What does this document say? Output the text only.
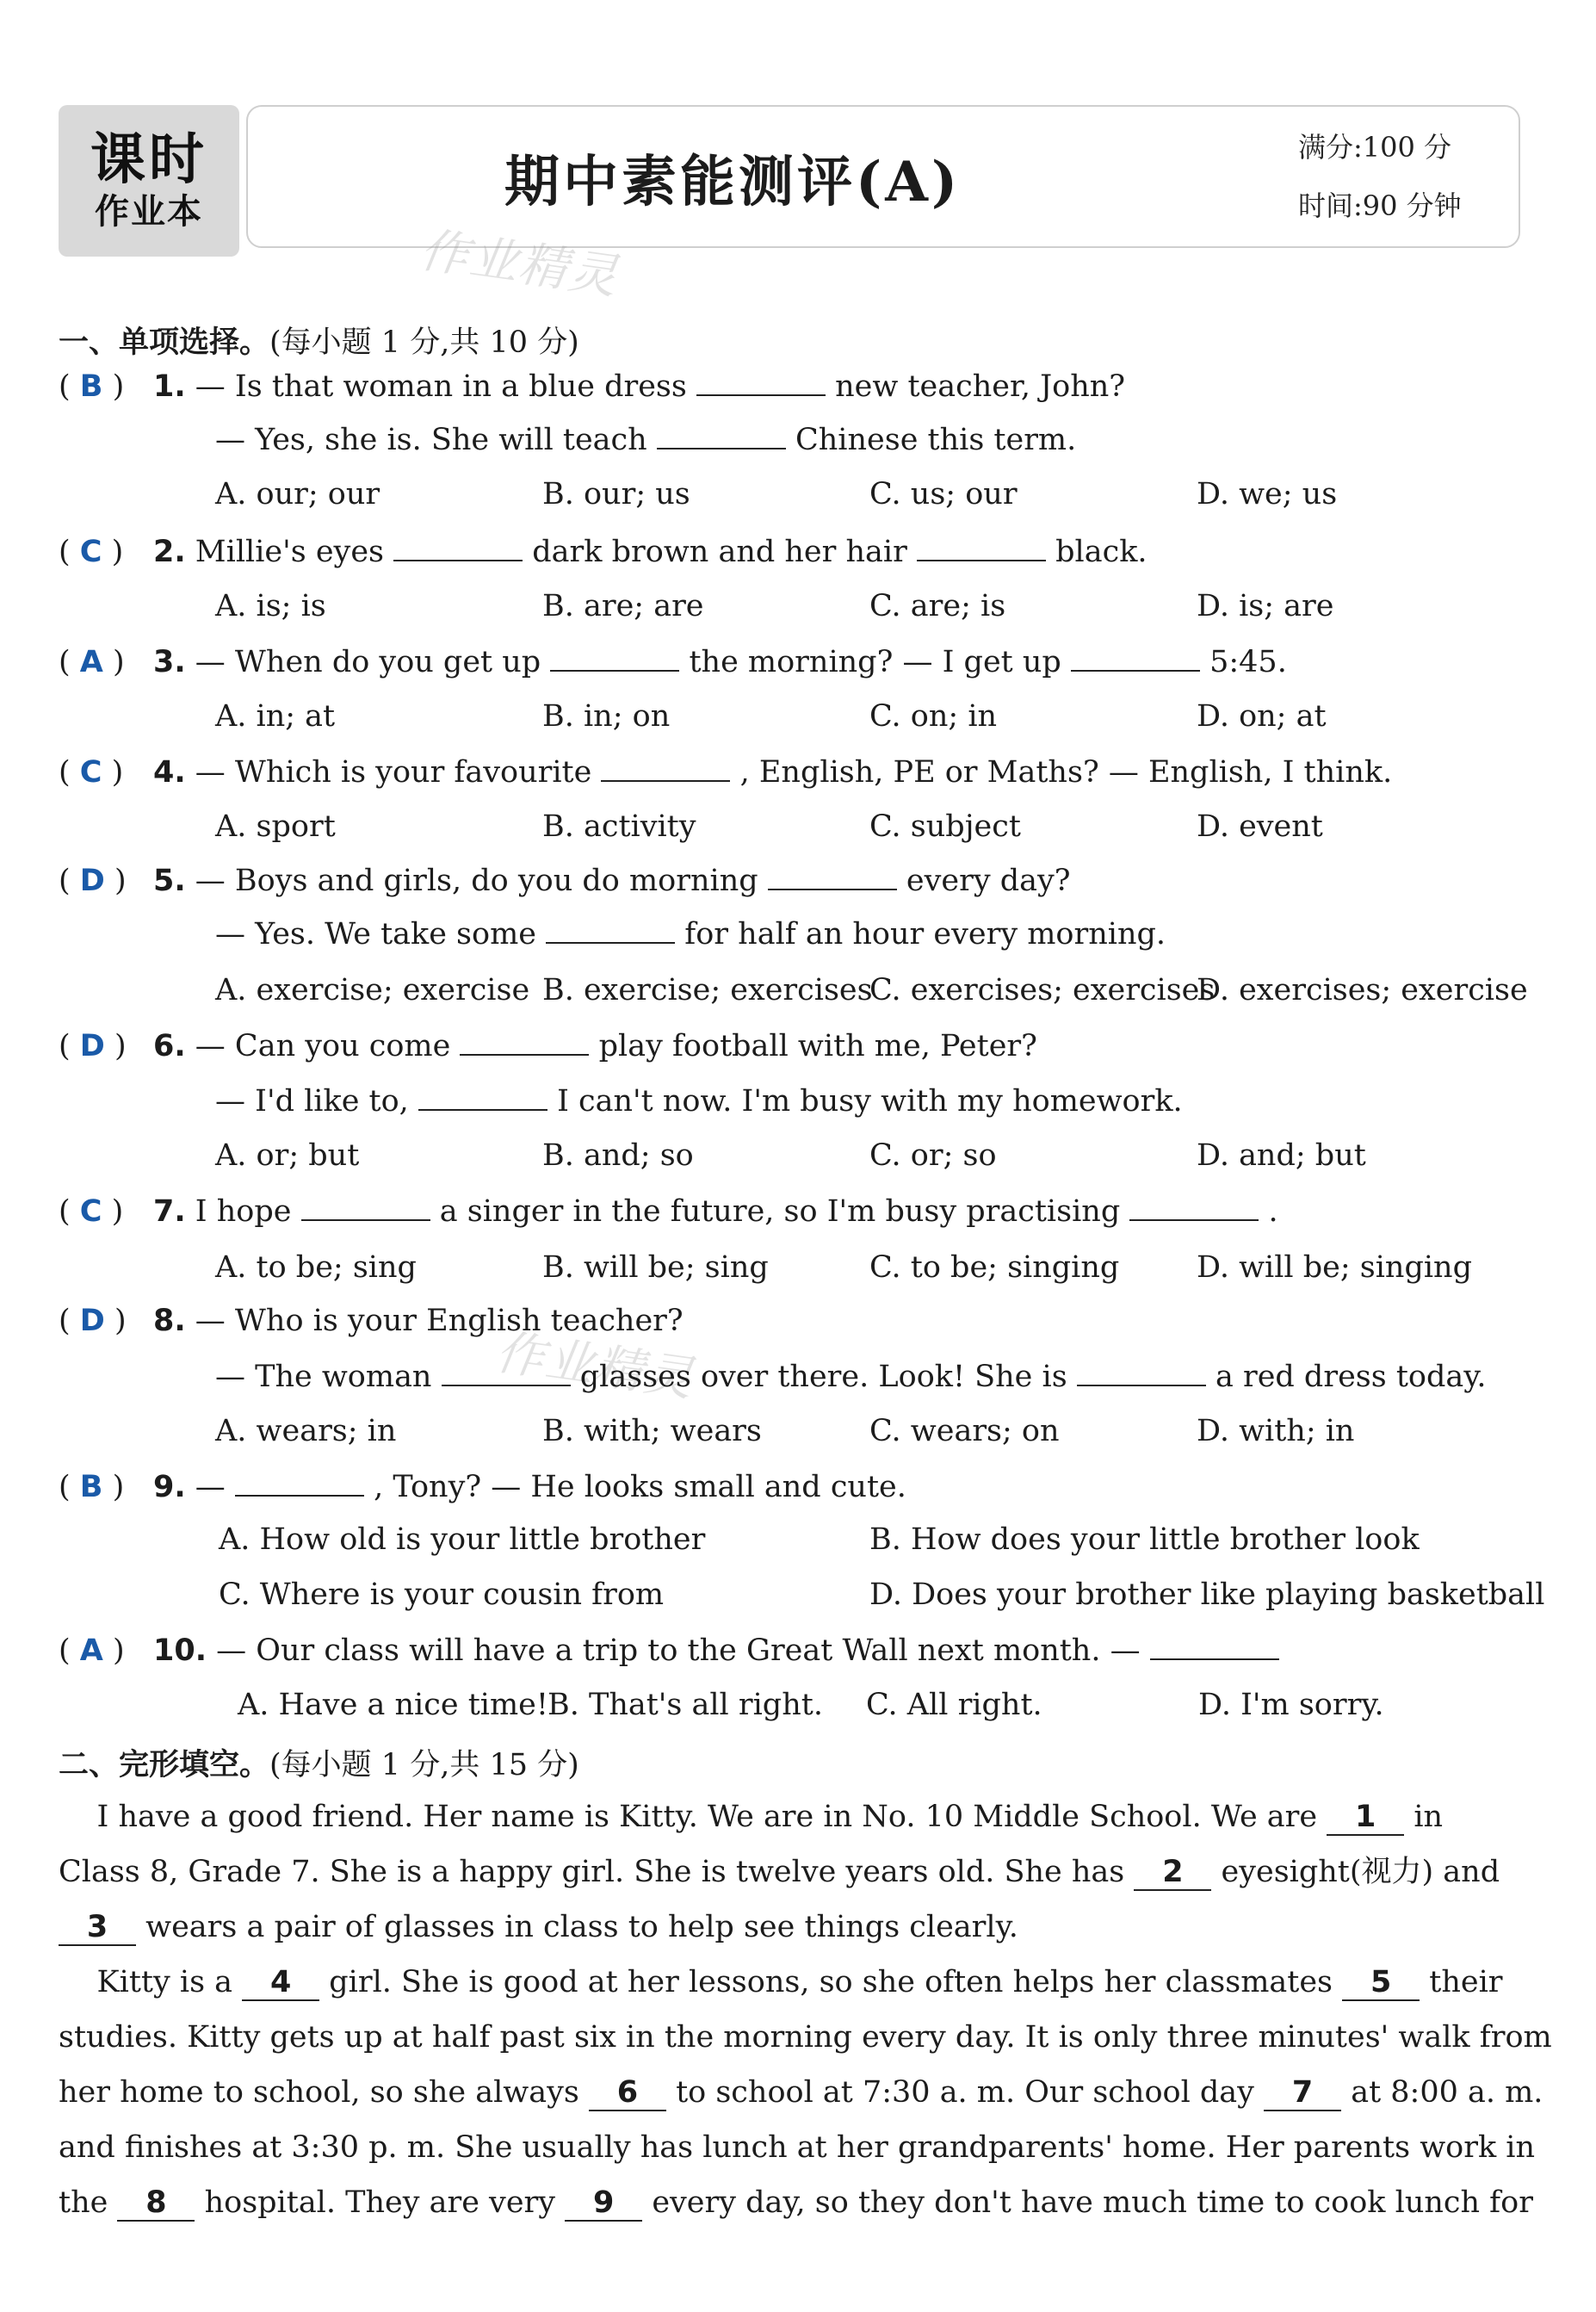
课时
作业本	期中素能测评(A)
满分:100 分
时间:90 分钟
作业精灵
作业精灵
一、单项选择。(每小题 1 分,共 10 分)
( B ) 1. — Is that woman in a blue dress	new teacher, John?
— Yes, she is. She will teach	Chinese this term.
A. our; our	B. our; us	C. us; our	D. we; us
( C ) 2. Millie's eyes	dark brown and her hair	black.
A. is; is	B. are; are	C. are; is	D. is; are
( A ) 3. — When do you get up	the morning? — I get up	5:45.
A. in; at	B. in; on	C. on; in	D. on; at
( C ) 4. — Which is your favourite	, English, PE or Maths? — English, I think.
A. sport	B. activity	C. subject	D. event
( D ) 5. — Boys and girls, do you do morning	every day?
— Yes. We take some	for half an hour every morning.
A. exercise; exercise B. exercise; exercises
C. exercises; exercises
D. exercises; exercise
( D ) 6. — Can you come	play football with me, Peter?
— I'd like to,	I can't now. I'm busy with my homework.
A. or; but	B. and; so	C. or; so	D. and; but
( C ) 7. I hope	a singer in the future, so I'm busy practising	.
A. to be; sing	B. will be; sing	C. to be; singing	D. will be; singing
( D ) 8. — Who is your English teacher?
— The woman	glasses over there. Look! She is	a red dress today.
A. wears; in	B. with; wears	C. wears; on	D. with; in
( B ) 9. —	, Tony? — He looks small and cute.
A. How old is your little brother	B. How does your little brother look
C. Where is your cousin from	D. Does your brother like playing basketball
( A ) 10. — Our class will have a trip to the Great Wall next month. —
A. Have a nice time! B. That's all right. C. All right.	D. I'm sorry.
二、完形填空。(每小题 1 分,共 15 分)
I have a good friend. Her name is Kitty. We are in No. 10 Middle School. We are 1 in
Class 8, Grade 7. She is a happy girl. She is twelve years old. She has 2 eyesight(视力) and
3 wears a pair of glasses in class to help see things clearly.
Kitty is a 4 girl. She is good at her lessons, so she often helps her classmates 5 their
studies. Kitty gets up at half past six in the morning every day. It is only three minutes' walk from
her home to school, so she always 6 to school at 7:30 a. m. Our school day 7 at 8:00 a. m.
and finishes at 3:30 p. m. She usually has lunch at her grandparents' home. Her parents work in
the 8 hospital. They are very 9 every day, so they don't have much time to cook lunch for
